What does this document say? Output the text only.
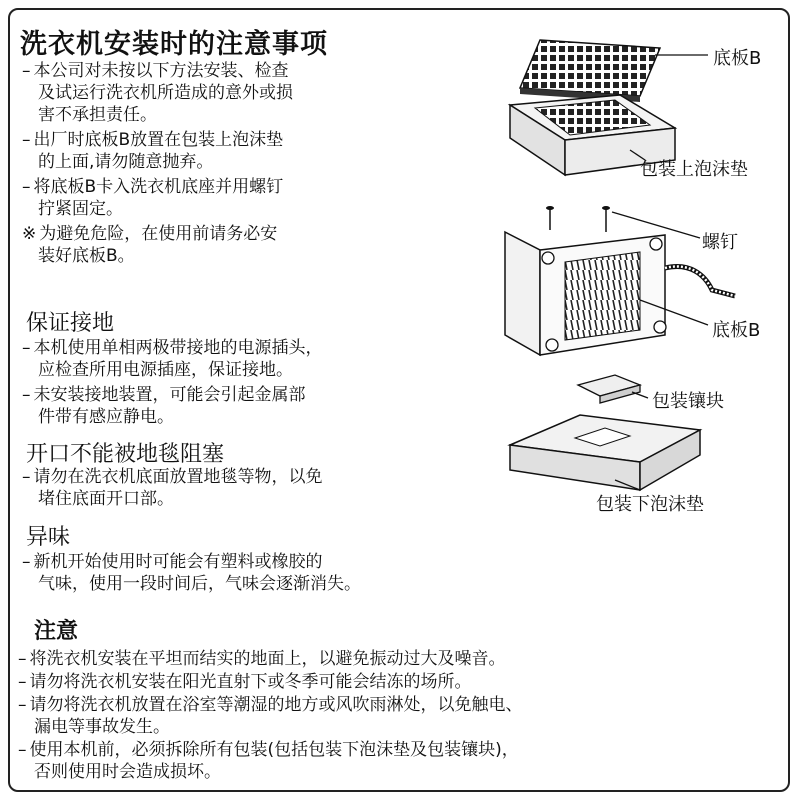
洗衣机安装时的注意事项
– 本公司对未按以下方法安装、检查
及试运行洗衣机所造成的意外或损
害不承担责任。
– 出厂时底板B放置在包装上泡沫垫
的上面,请勿随意抛弃。
– 将底板B卡入洗衣机底座并用螺钉
拧紧固定。
※ 为避免危险，在使用前请务必安
装好底板B。
保证接地
– 本机使用单相两极带接地的电源插头，
应检查所用电源插座，保证接地。
– 未安装接地装置，可能会引起金属部
件带有感应静电。
开口不能被地毯阻塞
– 请勿在洗衣机底面放置地毯等物，以免
堵住底面开口部。
异味
– 新机开始使用时可能会有塑料或橡胶的
气味，使用一段时间后，气味会逐渐消失。
注意
– 将洗衣机安装在平坦而结实的地面上，以避免振动过大及噪音。
– 请勿将洗衣机安装在阳光直射下或冬季可能会结冻的场所。
– 请勿将洗衣机放置在浴室等潮湿的地方或风吹雨淋处，以免触电、
漏电等事故发生。
– 使用本机前，必须拆除所有包装(包括包装下泡沫垫及包装镶块)，
否则使用时会造成损坏。
底板B
包装上泡沫垫
螺钉
底板B
包装镶块
包装下泡沫垫
